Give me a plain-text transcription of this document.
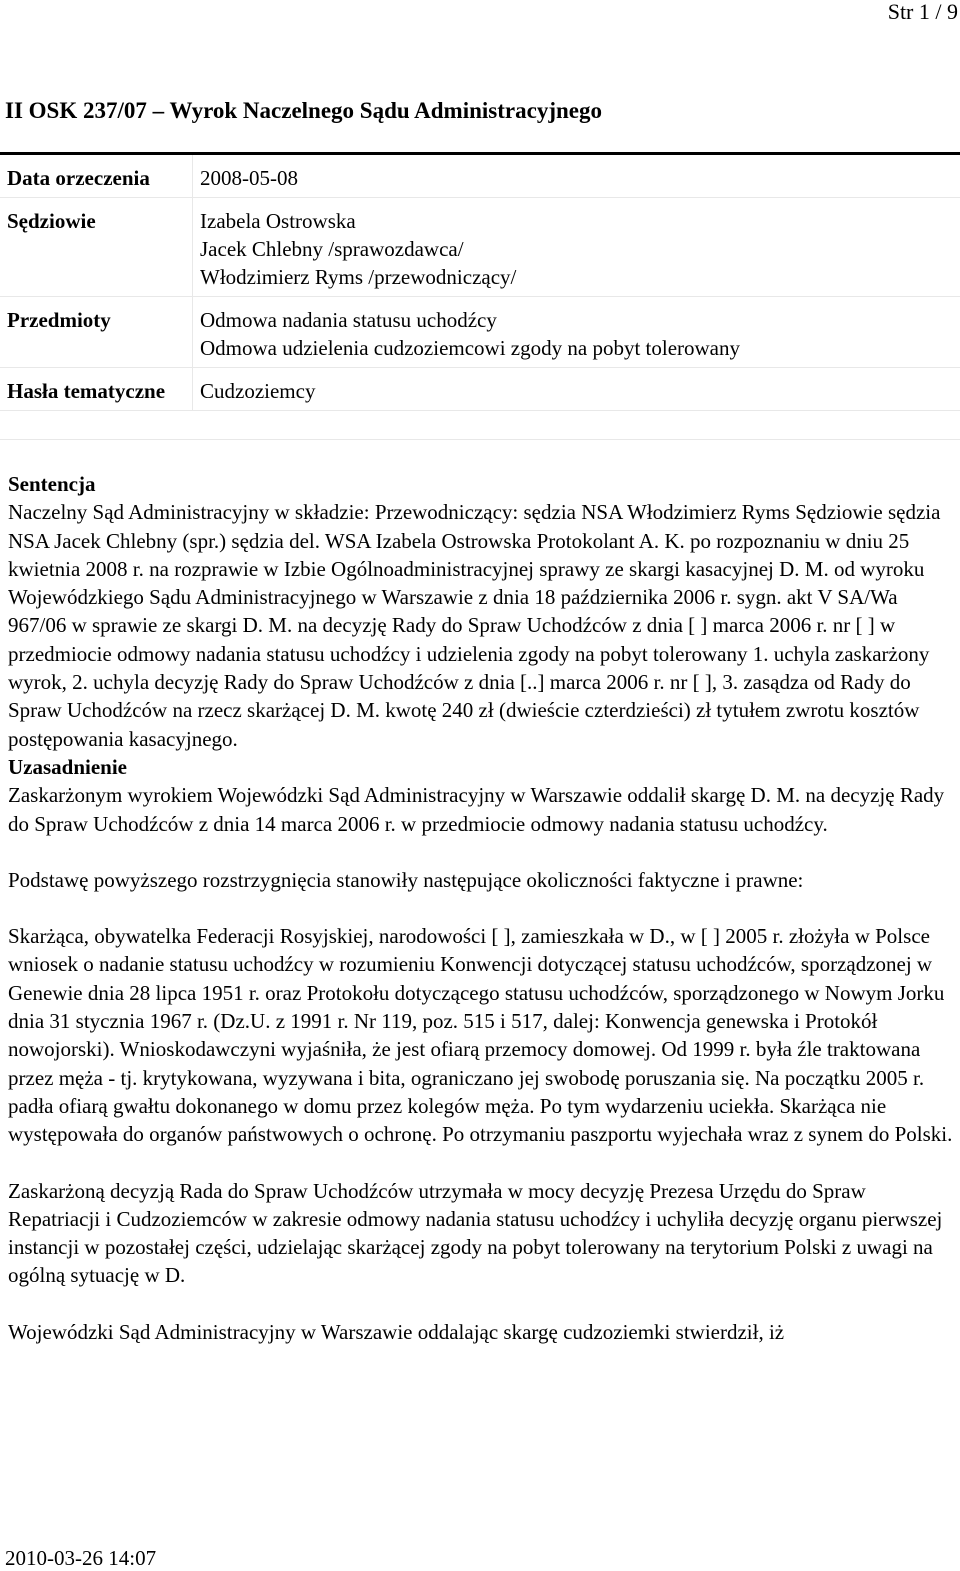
Str 1 / 9
II OSK 237/07 – Wyrok Naczelnego Sądu Administracyjnego
Data orzeczenia	2008-05-08
Sędziowie	Izabela Ostrowska
Jacek Chlebny /sprawozdawca/
Włodzimierz Ryms /przewodniczący/

Przedmioty	Odmowa nadania statusu uchodźcy
Odmowa udzielenia cudzoziemcowi zgody na pobyt tolerowany

Hasła tematyczne	Cudzoziemcy

Sentencja

Naczelny Sąd Administracyjny w składzie: Przewodniczący: sędzia NSA Włodzimierz Ryms Sędziowie sędzia NSA Jacek Chlebny (spr.) sędzia del. WSA Izabela Ostrowska Protokolant A. K. po rozpoznaniu w dniu 25 kwietnia 2008 r. na rozprawie w Izbie Ogólnoadministracyjnej sprawy ze skargi kasacyjnej D. M. od wyroku Wojewódzkiego Sądu Administracyjnego w Warszawie z dnia 18 października 2006 r. sygn. akt V SA/Wa 967/06 w sprawie ze skargi D. M. na decyzję Rady do Spraw Uchodźców z dnia [ ] marca 2006 r. nr [ ] w przedmiocie odmowy nadania statusu uchodźcy i udzielenia zgody na pobyt tolerowany 1. uchyla zaskarżony wyrok, 2. uchyla decyzję Rady do Spraw Uchodźców z dnia [..] marca 2006 r. nr [ ], 3. zasądza od Rady do Spraw Uchodźców na rzecz skarżącej D. M. kwotę 240 zł (dwieście czterdzieści) zł tytułem zwrotu kosztów postępowania kasacyjnego.

Uzasadnienie

Zaskarżonym wyrokiem Wojewódzki Sąd Administracyjny w Warszawie oddalił skargę D. M. na decyzję Rady do Spraw Uchodźców z dnia 14 marca 2006 r. w przedmiocie odmowy nadania statusu uchodźcy.

Podstawę powyższego rozstrzygnięcia stanowiły następujące okoliczności faktyczne i prawne:

Skarżąca, obywatelka Federacji Rosyjskiej, narodowości [ ], zamieszkała w D., w [ ] 2005 r. złożyła w Polsce wniosek o nadanie statusu uchodźcy w rozumieniu Konwencji dotyczącej statusu uchodźców, sporządzonej w Genewie dnia 28 lipca 1951 r. oraz Protokołu dotyczącego statusu uchodźców, sporządzonego w Nowym Jorku dnia 31 stycznia 1967 r. (Dz.U. z 1991 r. Nr 119, poz. 515 i 517, dalej: Konwencja genewska i Protokół nowojorski). Wnioskodawczyni wyjaśniła, że jest ofiarą przemocy domowej. Od 1999 r. była źle traktowana przez męża - tj. krytykowana, wyzywana i bita, ograniczano jej swobodę poruszania się. Na początku 2005 r. padła ofiarą gwałtu dokonanego w domu przez kolegów męża. Po tym wydarzeniu uciekła. Skarżąca nie występowała do organów państwowych o ochronę. Po otrzymaniu paszportu wyjechała wraz z synem do Polski.

Zaskarżoną decyzją Rada do Spraw Uchodźców utrzymała w mocy decyzję Prezesa Urzędu do Spraw Repatriacji i Cudzoziemców w zakresie odmowy nadania statusu uchodźcy i uchyliła decyzję organu pierwszej instancji w pozostałej części, udzielając skarżącej zgody na pobyt tolerowany na terytorium Polski z uwagi na ogólną sytuację w D.

Wojewódzki Sąd Administracyjny w Warszawie oddalając skargę cudzoziemki stwierdził, iż

2010-03-26 14:07
